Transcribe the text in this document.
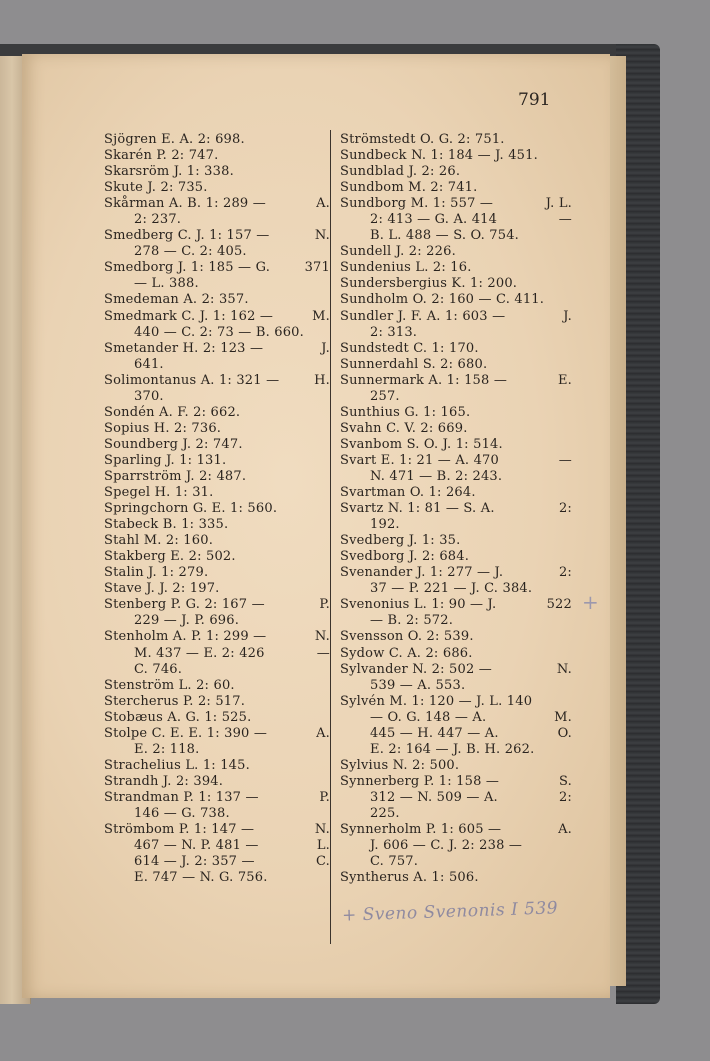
791
Sjögren E. A. 2: 698.
Skarén P. 2: 747.
Skarsröm J. 1: 338.
Skute J. 2: 735.
Skårman A. B. 1: 289 —	A.
2: 237.
Smedberg C. J. 1: 157 —	N.
278 — C. 2: 405.
Smedborg J. 1: 185 — G.	371
— L. 388.
Smedeman A. 2: 357.
Smedmark C. J. 1: 162 —	M.
440 — C. 2: 73 — B. 660.
Smetander H. 2: 123 —	J.
641.
Solimontanus A. 1: 321 —	H.
370.
Sondén A. F. 2: 662.
Sopius H. 2: 736.
Soundberg J. 2: 747.
Sparling J. 1: 131.
Sparrström J. 2: 487.
Spegel H. 1: 31.
Springchorn G. E. 1: 560.
Stabeck B. 1: 335.
Stahl M. 2: 160.
Stakberg E. 2: 502.
Stalin J. 1: 279.
Stave J. J. 2: 197.
Stenberg P. G. 2: 167 —	P.
229 — J. P. 696.
Stenholm A. P. 1: 299 —	N.
M. 437 — E. 2: 426	—
C. 746.
Stenström L. 2: 60.
Stercherus P. 2: 517.
Stobæus A. G. 1: 525.
Stolpe C. E. E. 1: 390 —	A.
E. 2: 118.
Strachelius L. 1: 145.
Strandh J. 2: 394.
Strandman P. 1: 137 —	P.
146 — G. 738.
Strömbom P. 1: 147 —	N.
467 — N. P. 481 —	L.
614 — J. 2: 357 —	C.
E. 747 — N. G. 756.
Strömstedt O. G. 2: 751.
Sundbeck N. 1: 184 — J. 451.
Sundblad J. 2: 26.
Sundbom M. 2: 741.
Sundborg M. 1: 557 —	J. L.
2: 413 — G. A. 414	—
B. L. 488 — S. O. 754.
Sundell J. 2: 226.
Sundenius L. 2: 16.
Sundersbergius K. 1: 200.
Sundholm O. 2: 160 — C. 411.
Sundler J. F. A. 1: 603 —	J.
2: 313.
Sundstedt C. 1: 170.
Sunnerdahl S. 2: 680.
Sunnermark A. 1: 158 —	E.
257.
Sunthius G. 1: 165.
Svahn C. V. 2: 669.
Svanbom S. O. J. 1: 514.
Svart E. 1: 21 — A. 470	—
N. 471 — B. 2: 243.
Svartman O. 1: 264.
Svartz N. 1: 81 — S. A.	2:
192.
Svedberg J. 1: 35.
Svedborg J. 2: 684.
Svenander J. 1: 277 — J.	2:
37 — P. 221 — J. C. 384.
Svenonius L. 1: 90 — J.	522
— B. 2: 572.
Svensson O. 2: 539.
Sydow C. A. 2: 686.
Sylvander N. 2: 502 —	N.
539 — A. 553.
Sylvén M. 1: 120 — J. L. 140
— O. G. 148 — A.	M.
445 — H. 447 — A.	O.
E. 2: 164 — J. B. H. 262.
Sylvius N. 2: 500.
Synnerberg P. 1: 158 —	S.
312 — N. 509 — A.	2:
225.
Synnerholm P. 1: 605 —	A.
J. 606 — C. J. 2: 238 —
C. 757.
Syntherus A. 1: 506.
+
+ Sveno Svenonis I 539
